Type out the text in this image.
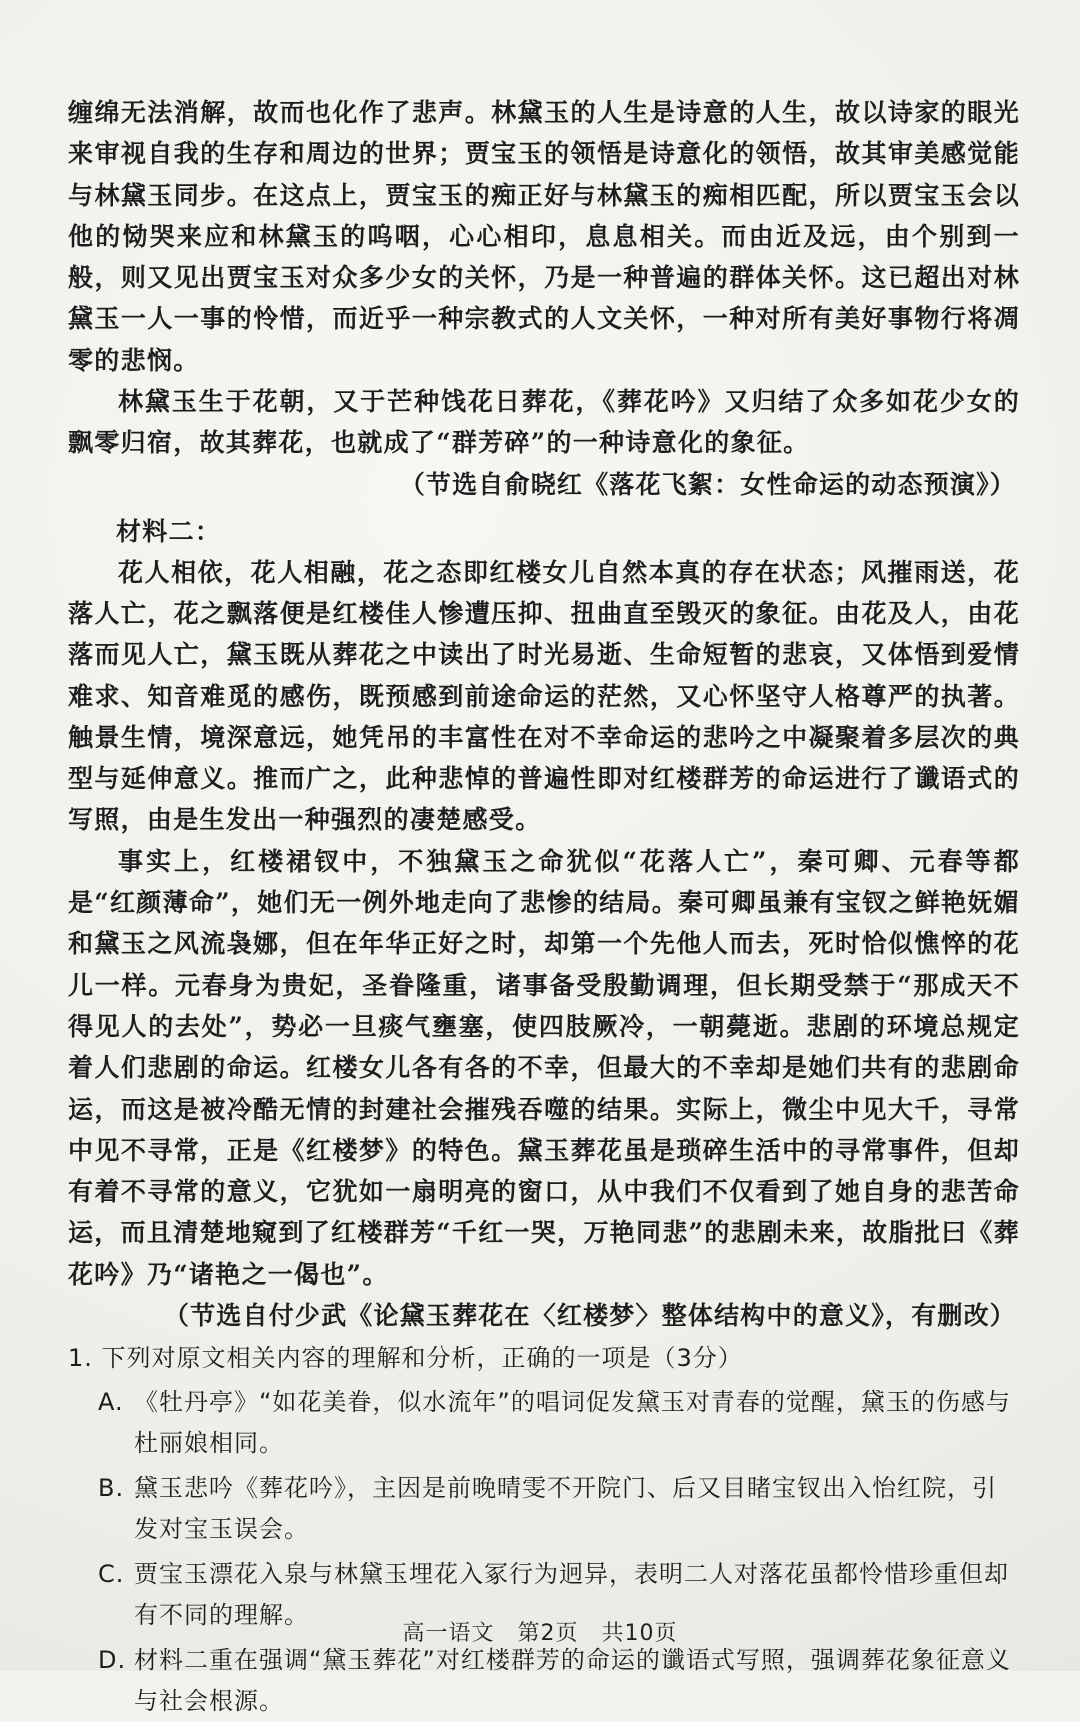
缠绵无法消解，故而也化作了悲声。林黛玉的人生是诗意的人生，故以诗家的眼光来审视自我的生存和周边的世界；贾宝玉的领悟是诗意化的领悟，故其审美感觉能与林黛玉同步。在这点上，贾宝玉的痴正好与林黛玉的痴相匹配，所以贾宝玉会以他的恸哭来应和林黛玉的呜咽，心心相印，息息相关。而由近及远，由个别到一般，则又见出贾宝玉对众多少女的关怀，乃是一种普遍的群体关怀。这已超出对林黛玉一人一事的怜惜，而近乎一种宗教式的人文关怀，一种对所有美好事物行将凋零的悲悯。

林黛玉生于花朝，又于芒种饯花日葬花，《葬花吟》又归结了众多如花少女的飘零归宿，故其葬花，也就成了“群芳碎”的一种诗意化的象征。

（节选自俞晓红《落花飞絮：女性命运的动态预演》）

材料二：

花人相依，花人相融，花之态即红楼女儿自然本真的存在状态；风摧雨送，花落人亡，花之飘落便是红楼佳人惨遭压抑、扭曲直至毁灭的象征。由花及人，由花落而见人亡，黛玉既从葬花之中读出了时光易逝、生命短暂的悲哀，又体悟到爱情难求、知音难觅的感伤，既预感到前途命运的茫然，又心怀坚守人格尊严的执著。触景生情，境深意远，她凭吊的丰富性在对不幸命运的悲吟之中凝聚着多层次的典型与延伸意义。推而广之，此种悲悼的普遍性即对红楼群芳的命运进行了谶语式的写照，由是生发出一种强烈的凄楚感受。

事实上，红楼裙钗中，不独黛玉之命犹似“花落人亡”，秦可卿、元春等都是“红颜薄命”，她们无一例外地走向了悲惨的结局。秦可卿虽兼有宝钗之鲜艳妩媚和黛玉之风流袅娜，但在年华正好之时，却第一个先他人而去，死时恰似憔悴的花儿一样。元春身为贵妃，圣眷隆重，诸事备受殷勤调理，但长期受禁于“那成天不得见人的去处”，势必一旦痰气壅塞，使四肢厥冷，一朝薨逝。悲剧的环境总规定着人们悲剧的命运。红楼女儿各有各的不幸，但最大的不幸却是她们共有的悲剧命运，而这是被冷酷无情的封建社会摧残吞噬的结果。实际上，微尘中见大千，寻常中见不寻常，正是《红楼梦》的特色。黛玉葬花虽是琐碎生活中的寻常事件，但却有着不寻常的意义，它犹如一扇明亮的窗口，从中我们不仅看到了她自身的悲苦命运，而且清楚地窥到了红楼群芳“千红一哭，万艳同悲”的悲剧未来，故脂批曰《葬花吟》乃“诸艳之一偈也”。

（节选自付少武《论黛玉葬花在〈红楼梦〉整体结构中的意义》，有删改）

1. 下列对原文相关内容的理解和分析，正确的一项是（3分）

A. 《牡丹亭》“如花美眷，似水流年”的唱词促发黛玉对青春的觉醒，黛玉的伤感与杜丽娘相同。

B. 黛玉悲吟《葬花吟》，主因是前晚晴雯不开院门、后又目睹宝钗出入怡红院，引发对宝玉误会。

C. 贾宝玉漂花入泉与林黛玉埋花入冢行为迥异，表明二人对落花虽都怜惜珍重但却有不同的理解。

D. 材料二重在强调“黛玉葬花”对红楼群芳的命运的谶语式写照，强调葬花象征意义与社会根源。

高一语文　第2页　共10页
